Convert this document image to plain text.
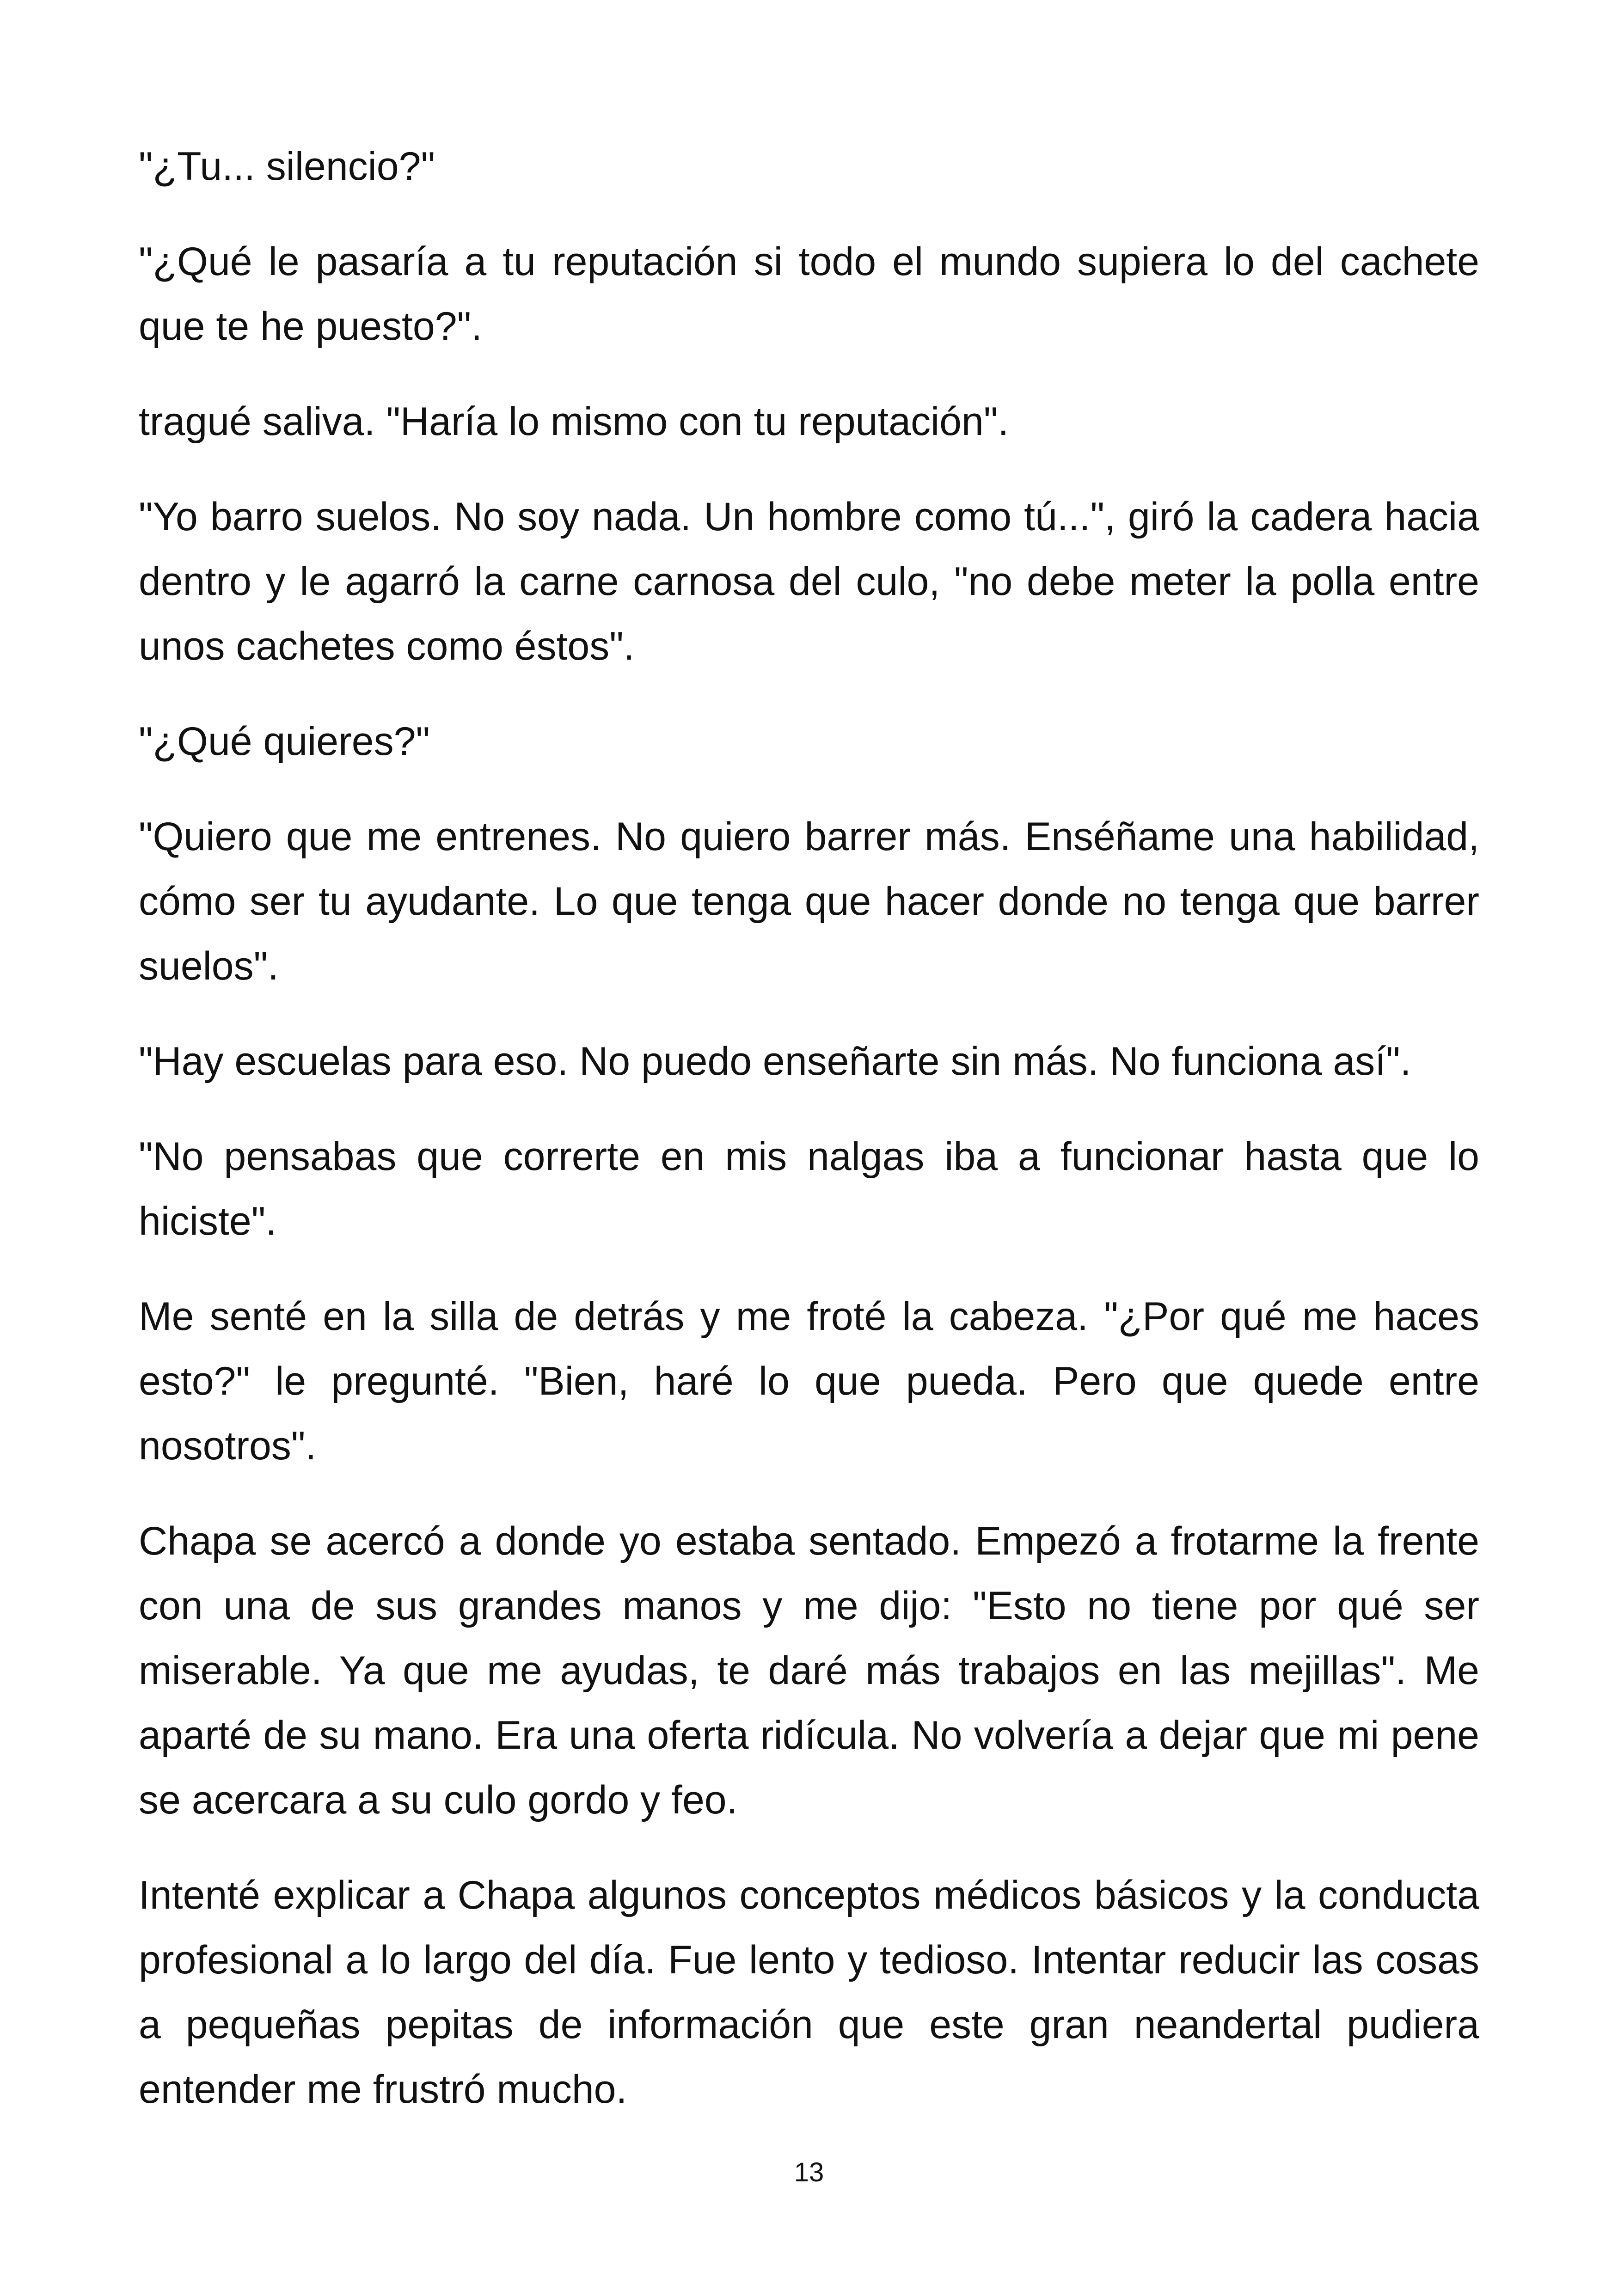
"¿Tu... silencio?"

"¿Qué le pasaría a tu reputación si todo el mundo supiera lo del cachete que te he puesto?".

tragué saliva. "Haría lo mismo con tu reputación".

"Yo barro suelos. No soy nada. Un hombre como tú...", giró la cadera hacia dentro y le agarró la carne carnosa del culo, "no debe meter la polla entre unos cachetes como éstos".

"¿Qué quieres?"

"Quiero que me entrenes. No quiero barrer más. Enséñame una habilidad, cómo ser tu ayudante. Lo que tenga que hacer donde no tenga que barrer suelos".

"Hay escuelas para eso. No puedo enseñarte sin más. No funciona así".

"No pensabas que correrte en mis nalgas iba a funcionar hasta que lo hiciste".

Me senté en la silla de detrás y me froté la cabeza. "¿Por qué me haces esto?" le pregunté. "Bien, haré lo que pueda. Pero que quede entre nosotros".

Chapa se acercó a donde yo estaba sentado. Empezó a frotarme la frente con una de sus grandes manos y me dijo: "Esto no tiene por qué ser miserable. Ya que me ayudas, te daré más trabajos en las mejillas". Me aparté de su mano. Era una oferta ridícula. No volvería a dejar que mi pene se acercara a su culo gordo y feo.

Intenté explicar a Chapa algunos conceptos médicos básicos y la conducta profesional a lo largo del día. Fue lento y tedioso. Intentar reducir las cosas a pequeñas pepitas de información que este gran neandertal pudiera entender me frustró mucho.

13
